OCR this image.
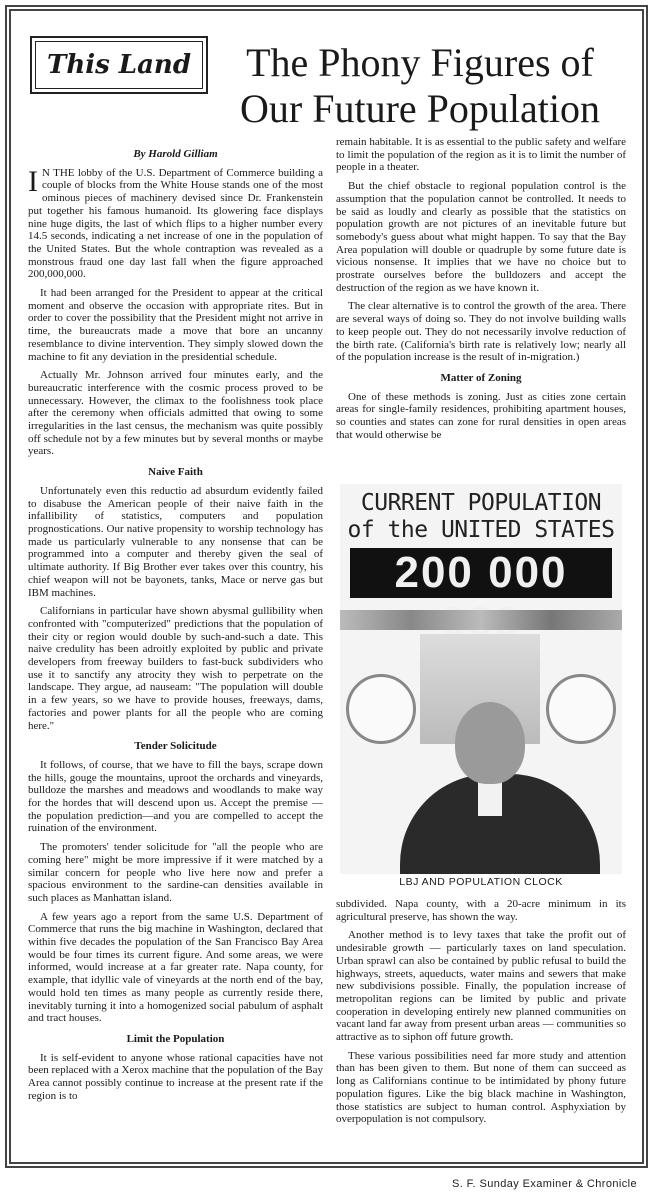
This Land	The Phony Figures of
Our Future Population
By Harold Gilliam

I N THE lobby of the U.S. Department of Commerce building a couple of blocks from the White House stands one of the most ominous pieces of machinery devised since Dr. Frankenstein put together his famous humanoid. Its glowering face displays nine huge digits, the last of which flips to a higher number every 14.5 seconds, indicating a net increase of one in the population of the United States. But the whole contraption was revealed as a monstrous fraud one day last fall when the figure approached 200,000,000.

It had been arranged for the President to appear at the critical moment and observe the occasion with appropriate rites. But in order to cover the possibility that the President might not arrive in time, the bureaucrats made a move that bore an uncanny resemblance to divine intervention. They simply slowed down the machine to fit any deviation in the presidential schedule.

Actually Mr. Johnson arrived four minutes early, and the bureaucratic interference with the cosmic process proved to be unnecessary. However, the climax to the foolishness took place after the ceremony when officials admitted that owing to some irregularities in the last census, the mechanism was quite possibly off schedule not by a few minutes but by several months or maybe years.

Naive Faith

Unfortunately even this reductio ad absurdum evidently failed to disabuse the American people of their naive faith in the infallibility of statistics, computers and population prognostications. Our native propensity to worship technology has made us particularly vulnerable to any nonsense that can be programmed into a computer and thereby given the seal of ultimate authority. If Big Brother ever takes over this country, his chief weapon will not be bayonets, tanks, Mace or nerve gas but IBM machines.

Californians in particular have shown abysmal gullibility when confronted with "computerized" predictions that the population of their city or region would double by such-and-such a date. This naive credulity has been adroitly exploited by public and private developers from freeway builders to fast-buck subdividers who use it to sanctify any atrocity they wish to perpetrate on the landscape. They argue, ad nauseam: "The population will double in a few years, so we have to provide houses, freeways, dams, factories and power plants for all the people who are coming here."

Tender Solicitude

It follows, of course, that we have to fill the bays, scrape down the hills, gouge the mountains, uproot the orchards and vineyards, bulldoze the marshes and meadows and woodlands to make way for the hordes that will descend upon us. Accept the premise — the population prediction—and you are compelled to accept the ruination of the environment.

The promoters' tender solicitude for "all the people who are coming here" might be more impressive if it were matched by a similar concern for people who live here now and prefer a spacious environment to the sardine-can densities available in such places as Manhattan island.

A few years ago a report from the same U.S. Department of Commerce that runs the big machine in Washington, declared that within five decades the population of the San Francisco Bay Area would be four times its current figure. And some areas, we were informed, would increase at a far greater rate. Napa county, for example, that idyllic vale of vineyards at the north end of the bay, would hold ten times as many people as currently reside there, inevitably turning it into a homogenized social pabulum of asphalt and tract houses.

Limit the Population

It is self-evident to anyone whose rational capacities have not been replaced with a Xerox machine that the population of the Bay Area cannot possibly continue to increase at the present rate if the region is to

remain habitable. It is as essential to the public safety and welfare to limit the population of the region as it is to limit the number of people in a theater.

But the chief obstacle to regional population control is the assumption that the population cannot be controlled. It needs to be said as loudly and clearly as possible that the statistics on population growth are not pictures of an inevitable future but somebody's guess about what might happen. To say that the Bay Area population will double or quadruple by some future date is vicious nonsense. It implies that we have no choice but to prostrate ourselves before the bulldozers and accept the destruction of the region as we have known it.

The clear alternative is to control the growth of the area. There are several ways of doing so. They do not involve building walls to keep people out. They do not necessarily involve reduction of the birth rate. (California's birth rate is relatively low; nearly all of the population increase is the result of in-migration.)

Matter of Zoning

One of these methods is zoning. Just as cities zone certain areas for single-family residences, prohibiting apartment houses, so counties and states can zone for rural densities in open areas that would otherwise be

CURRENT POPULATION
of the UNITED STATES
200 000
LBJ AND POPULATION CLOCK

subdivided. Napa county, with a 20-acre minimum in its agricultural preserve, has shown the way.

Another method is to levy taxes that take the profit out of undesirable growth — particularly taxes on land speculation. Urban sprawl can also be contained by public refusal to build the highways, streets, aqueducts, water mains and sewers that make new subdivisions possible. Finally, the population increase of metropolitan regions can be limited by public and private cooperation in developing entirely new planned communities on vacant land far away from present urban areas — communities so attractive as to siphon off future growth.

These various possibilities need far more study and attention than has been given to them. But none of them can succeed as long as Californians continue to be intimidated by phony future population figures. Like the big black machine in Washington, those statistics are subject to human control. Asphyxiation by overpopulation is not compulsory.

S. F. Sunday Examiner & Chronicle
